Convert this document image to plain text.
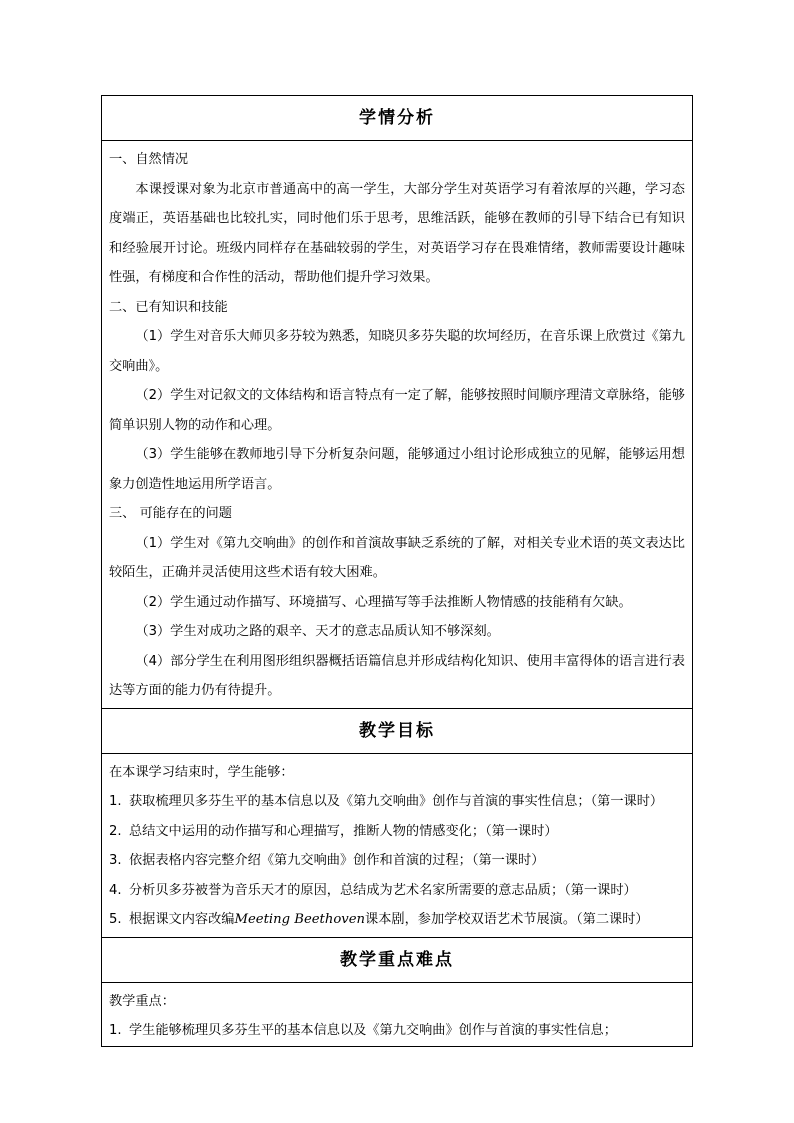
学情分析

一、自然情况

本课授课对象为北京市普通高中的高一学生，大部分学生对英语学习有着浓厚的兴趣，学习态度端正，英语基础也比较扎实，同时他们乐于思考，思维活跃，能够在教师的引导下结合已有知识和经验展开讨论。班级内同样存在基础较弱的学生，对英语学习存在畏难情绪，教师需要设计趣味性强，有梯度和合作性的活动，帮助他们提升学习效果。

二、已有知识和技能

（1）学生对音乐大师贝多芬较为熟悉，知晓贝多芬失聪的坎坷经历，在音乐课上欣赏过《第九交响曲》。

（2）学生对记叙文的文体结构和语言特点有一定了解，能够按照时间顺序理清文章脉络，能够简单识别人物的动作和心理。

（3）学生能够在教师地引导下分析复杂问题，能够通过小组讨论形成独立的见解，能够运用想象力创造性地运用所学语言。

三、 可能存在的问题

（1）学生对《第九交响曲》的创作和首演故事缺乏系统的了解，对相关专业术语的英文表达比较陌生，正确并灵活使用这些术语有较大困难。

（2）学生通过动作描写、环境描写、心理描写等手法推断人物情感的技能稍有欠缺。

（3）学生对成功之路的艰辛、天才的意志品质认知不够深刻。

（4）部分学生在利用图形组织器概括语篇信息并形成结构化知识、使用丰富得体的语言进行表达等方面的能力仍有待提升。

教学目标

在本课学习结束时，学生能够：

1. 获取梳理贝多芬生平的基本信息以及《第九交响曲》创作与首演的事实性信息；（第一课时）

2. 总结文中运用的动作描写和心理描写，推断人物的情感变化；（第一课时）

3. 依据表格内容完整介绍《第九交响曲》创作和首演的过程；（第一课时）

4. 分析贝多芬被誉为音乐天才的原因，总结成为艺术名家所需要的意志品质；（第一课时）

5. 根据课文内容改编Meeting Beethoven课本剧，参加学校双语艺术节展演。（第二课时）

教学重点难点

教学重点：

1. 学生能够梳理贝多芬生平的基本信息以及《第九交响曲》创作与首演的事实性信息；
